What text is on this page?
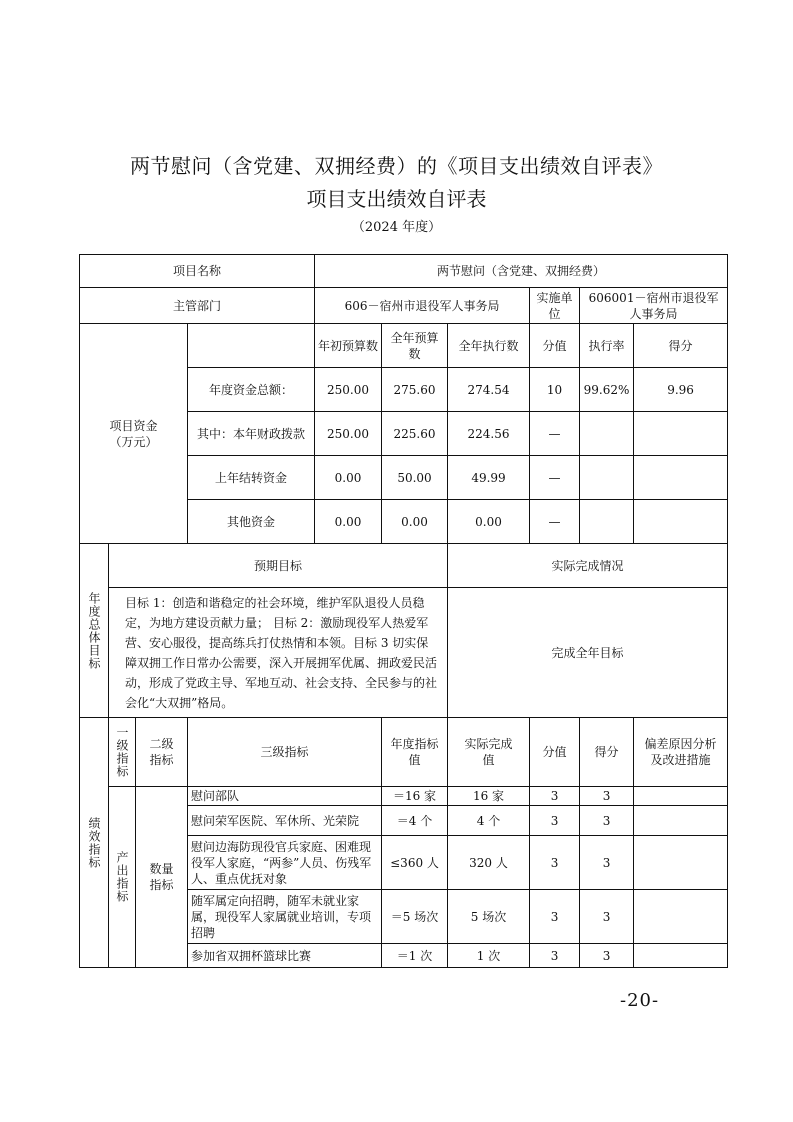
两节慰问（含党建、双拥经费）的《项目支出绩效自评表》
项目支出绩效自评表
（2024 年度）
项目名称				两节慰问（含党建、双拥经费）					
主管部门				606－宿州市退役军人事务局			实施单位	606001－宿州市退役军人事务局	
项目资金
（万元）				年初预算数	全年预算数	全年执行数	分值	执行率	得分
			年度资金总额：	250.00	275.60	274.54	10	99.62%	9.96
			其中：本年财政拨款	250.00	225.60	224.56	—		
			上年结转资金	0.00	50.00	49.99	—		
			其他资金	0.00	0.00	0.00	—		
年度总体目标	预期目标					实际完成情况			
	目标 1：创造和谐稳定的社会环境，维护军队退役人员稳定，为地方建设贡献力量； 目标 2：激励现役军人热爱军营、安心服役，提高练兵打仗热情和本领。目标 3 切实保障双拥工作日常办公需要，深入开展拥军优属、拥政爱民活动，形成了党政主导、军地互动、社会支持、全民参与的社会化“大双拥”格局。					完成全年目标			
绩效指标	一级指标	二级指标	三级指标		年度指标值	实际完成值	分值	得分	偏差原因分析及改进措施
	产出指标	数量指标	慰问部队		＝16 家	16 家	3	3	
			慰问荣军医院、军休所、光荣院		＝4 个	4 个	3	3	
			慰问边海防现役官兵家庭、困难现役军人家庭，“两参”人员、伤残军人、重点优抚对象		≤360 人	320 人	3	3	
			随军属定向招聘，随军未就业家属，现役军人家属就业培训，专项招聘		＝5 场次	5 场次	3	3	
			参加省双拥杯篮球比赛		＝1 次	1 次	3	3	
-20-
